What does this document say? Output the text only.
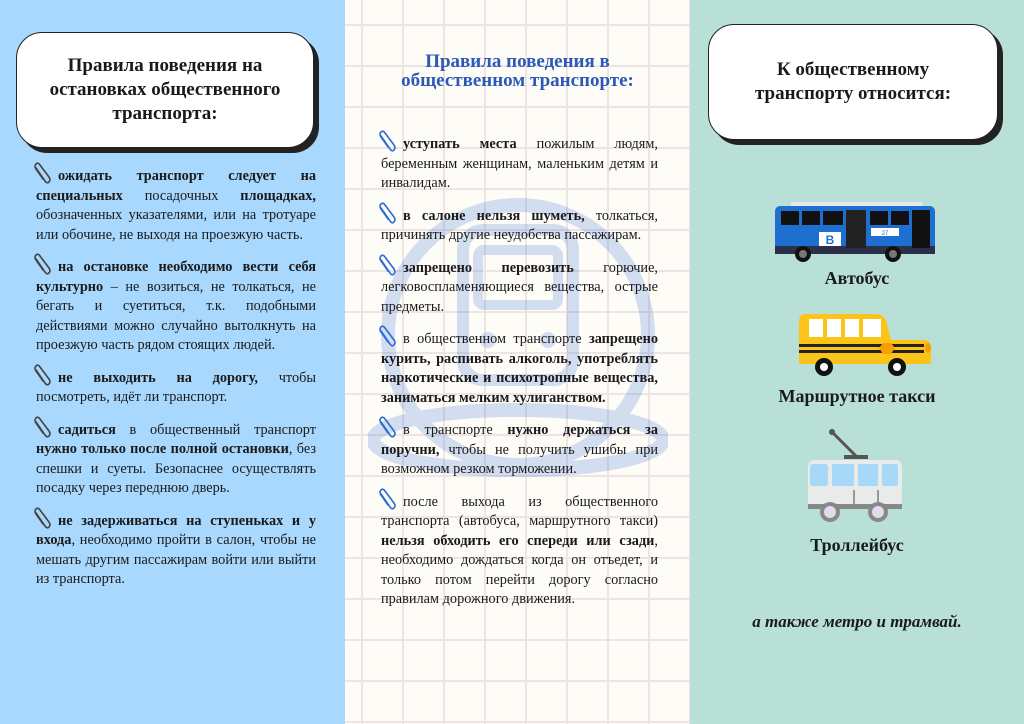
Правила поведения на остановках общественного транспорта:
ожидать транспорт следует на специальных посадочных площадках, обозначенных указателями, или на тротуаре или обочине, не выходя на проезжую часть.
на остановке необходимо вести себя культурно – не возиться, не толкаться, не бегать и суетиться, т.к. подобными действиями можно случайно вытолкнуть на проезжую часть рядом стоящих людей.
не выходить на дорогу, чтобы посмотреть, идёт ли транспорт.
садиться в общественный транспорт нужно только после полной остановки, без спешки и суеты. Безопаснее осуществлять посадку через переднюю дверь.
не задерживаться на ступеньках и у входа, необходимо пройти в салон, чтобы не мешать другим пассажирам войти или выйти из транспорта.
Правила поведения в общественном транспорте:
уступать места пожилым людям, беременным женщинам, маленьким детям и инвалидам.
в салоне нельзя шуметь, толкаться, причинять другие неудобства пассажирам.
запрещено перевозить горючие, легковоспламеняющиеся вещества, острые предметы.
в общественном транспорте запрещено курить, распивать алкоголь, употреблять наркотические и психотропные вещества, заниматься мелким хулиганством.
в транспорте нужно держаться за поручни, чтобы не получить ушибы при возможном резком торможении.
после выхода из общественного транспорта (автобуса, маршрутного такси) нельзя обходить его спереди или сзади, необходимо дождаться когда он отъедет, и только потом перейти дорогу согласно правилам дорожного движения.
К общественному транспорту относится:
B	27
Автобус
Маршрутное такси
Троллейбус
а также метро и трамвай.
